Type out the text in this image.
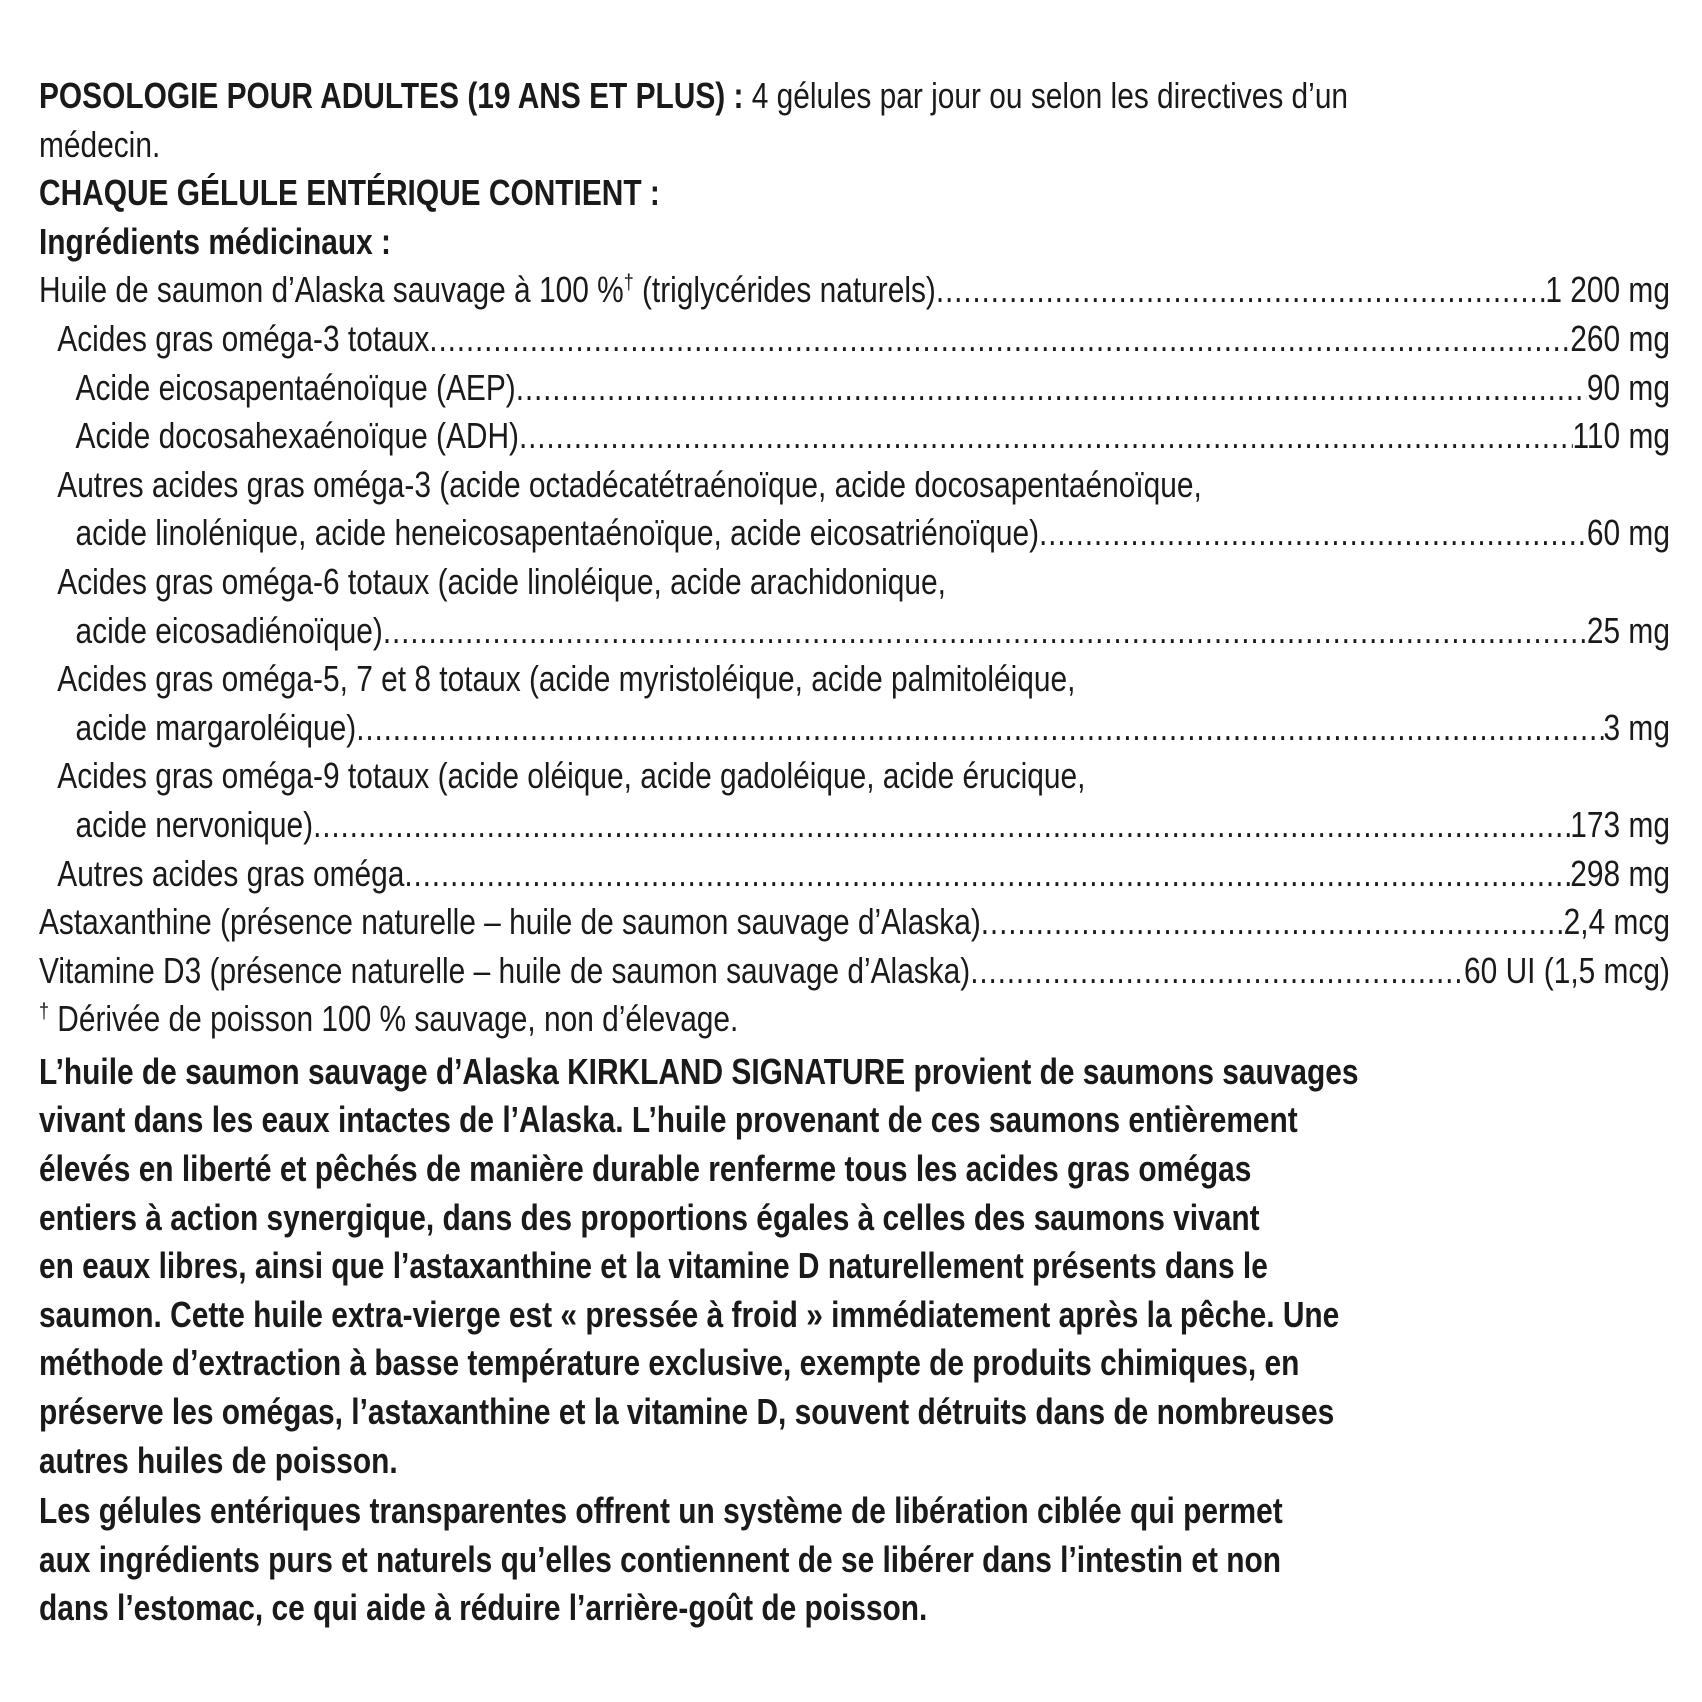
POSOLOGIE POUR ADULTES (19 ANS ET PLUS) : 4 gélules par jour ou selon les directives d’un
médecin.
CHAQUE GÉLULE ENTÉRIQUE CONTIENT :
Ingrédients médicinaux :
Huile de saumon d’Alaska sauvage à 100 %† (triglycérides naturels) .....	1 200 mg
Acides gras oméga-3 totaux .....	260 mg
Acide eicosapentaénoïque (AEP) .....	90 mg
Acide docosahexaénoïque (ADH) .....	110 mg
Autres acides gras oméga-3 (acide octadécatétraénoïque, acide docosapentaénoïque,
acide linolénique, acide heneicosapentaénoïque, acide eicosatriénoïque) .....	60 mg
Acides gras oméga-6 totaux (acide linoléique, acide arachidonique,
acide eicosadiénoïque) .....	25 mg
Acides gras oméga-5, 7 et 8 totaux (acide myristoléique, acide palmitoléique,
acide margaroléique) .....	3 mg
Acides gras oméga-9 totaux (acide oléique, acide gadoléique, acide érucique,
acide nervonique) .....	173 mg
Autres acides gras oméga .....	298 mg
Astaxanthine (présence naturelle – huile de saumon sauvage d’Alaska) .....	2,4 mcg
Vitamine D3 (présence naturelle – huile de saumon sauvage d’Alaska) .....	60 UI (1,5 mcg)
† Dérivée de poisson 100 % sauvage, non d’élevage.
L’huile de saumon sauvage d’Alaska KIRKLAND SIGNATURE provient de saumons sauvages
vivant dans les eaux intactes de l’Alaska. L’huile provenant de ces saumons entièrement
élevés en liberté et pêchés de manière durable renferme tous les acides gras omégas
entiers à action synergique, dans des proportions égales à celles des saumons vivant
en eaux libres, ainsi que l’astaxanthine et la vitamine D naturellement présents dans le
saumon. Cette huile extra-vierge est « pressée à froid » immédiatement après la pêche. Une
méthode d’extraction à basse température exclusive, exempte de produits chimiques, en
préserve les omégas, l’astaxanthine et la vitamine D, souvent détruits dans de nombreuses
autres huiles de poisson.
Les gélules entériques transparentes offrent un système de libération ciblée qui permet
aux ingrédients purs et naturels qu’elles contiennent de se libérer dans l’intestin et non
dans l’estomac, ce qui aide à réduire l’arrière-goût de poisson.
